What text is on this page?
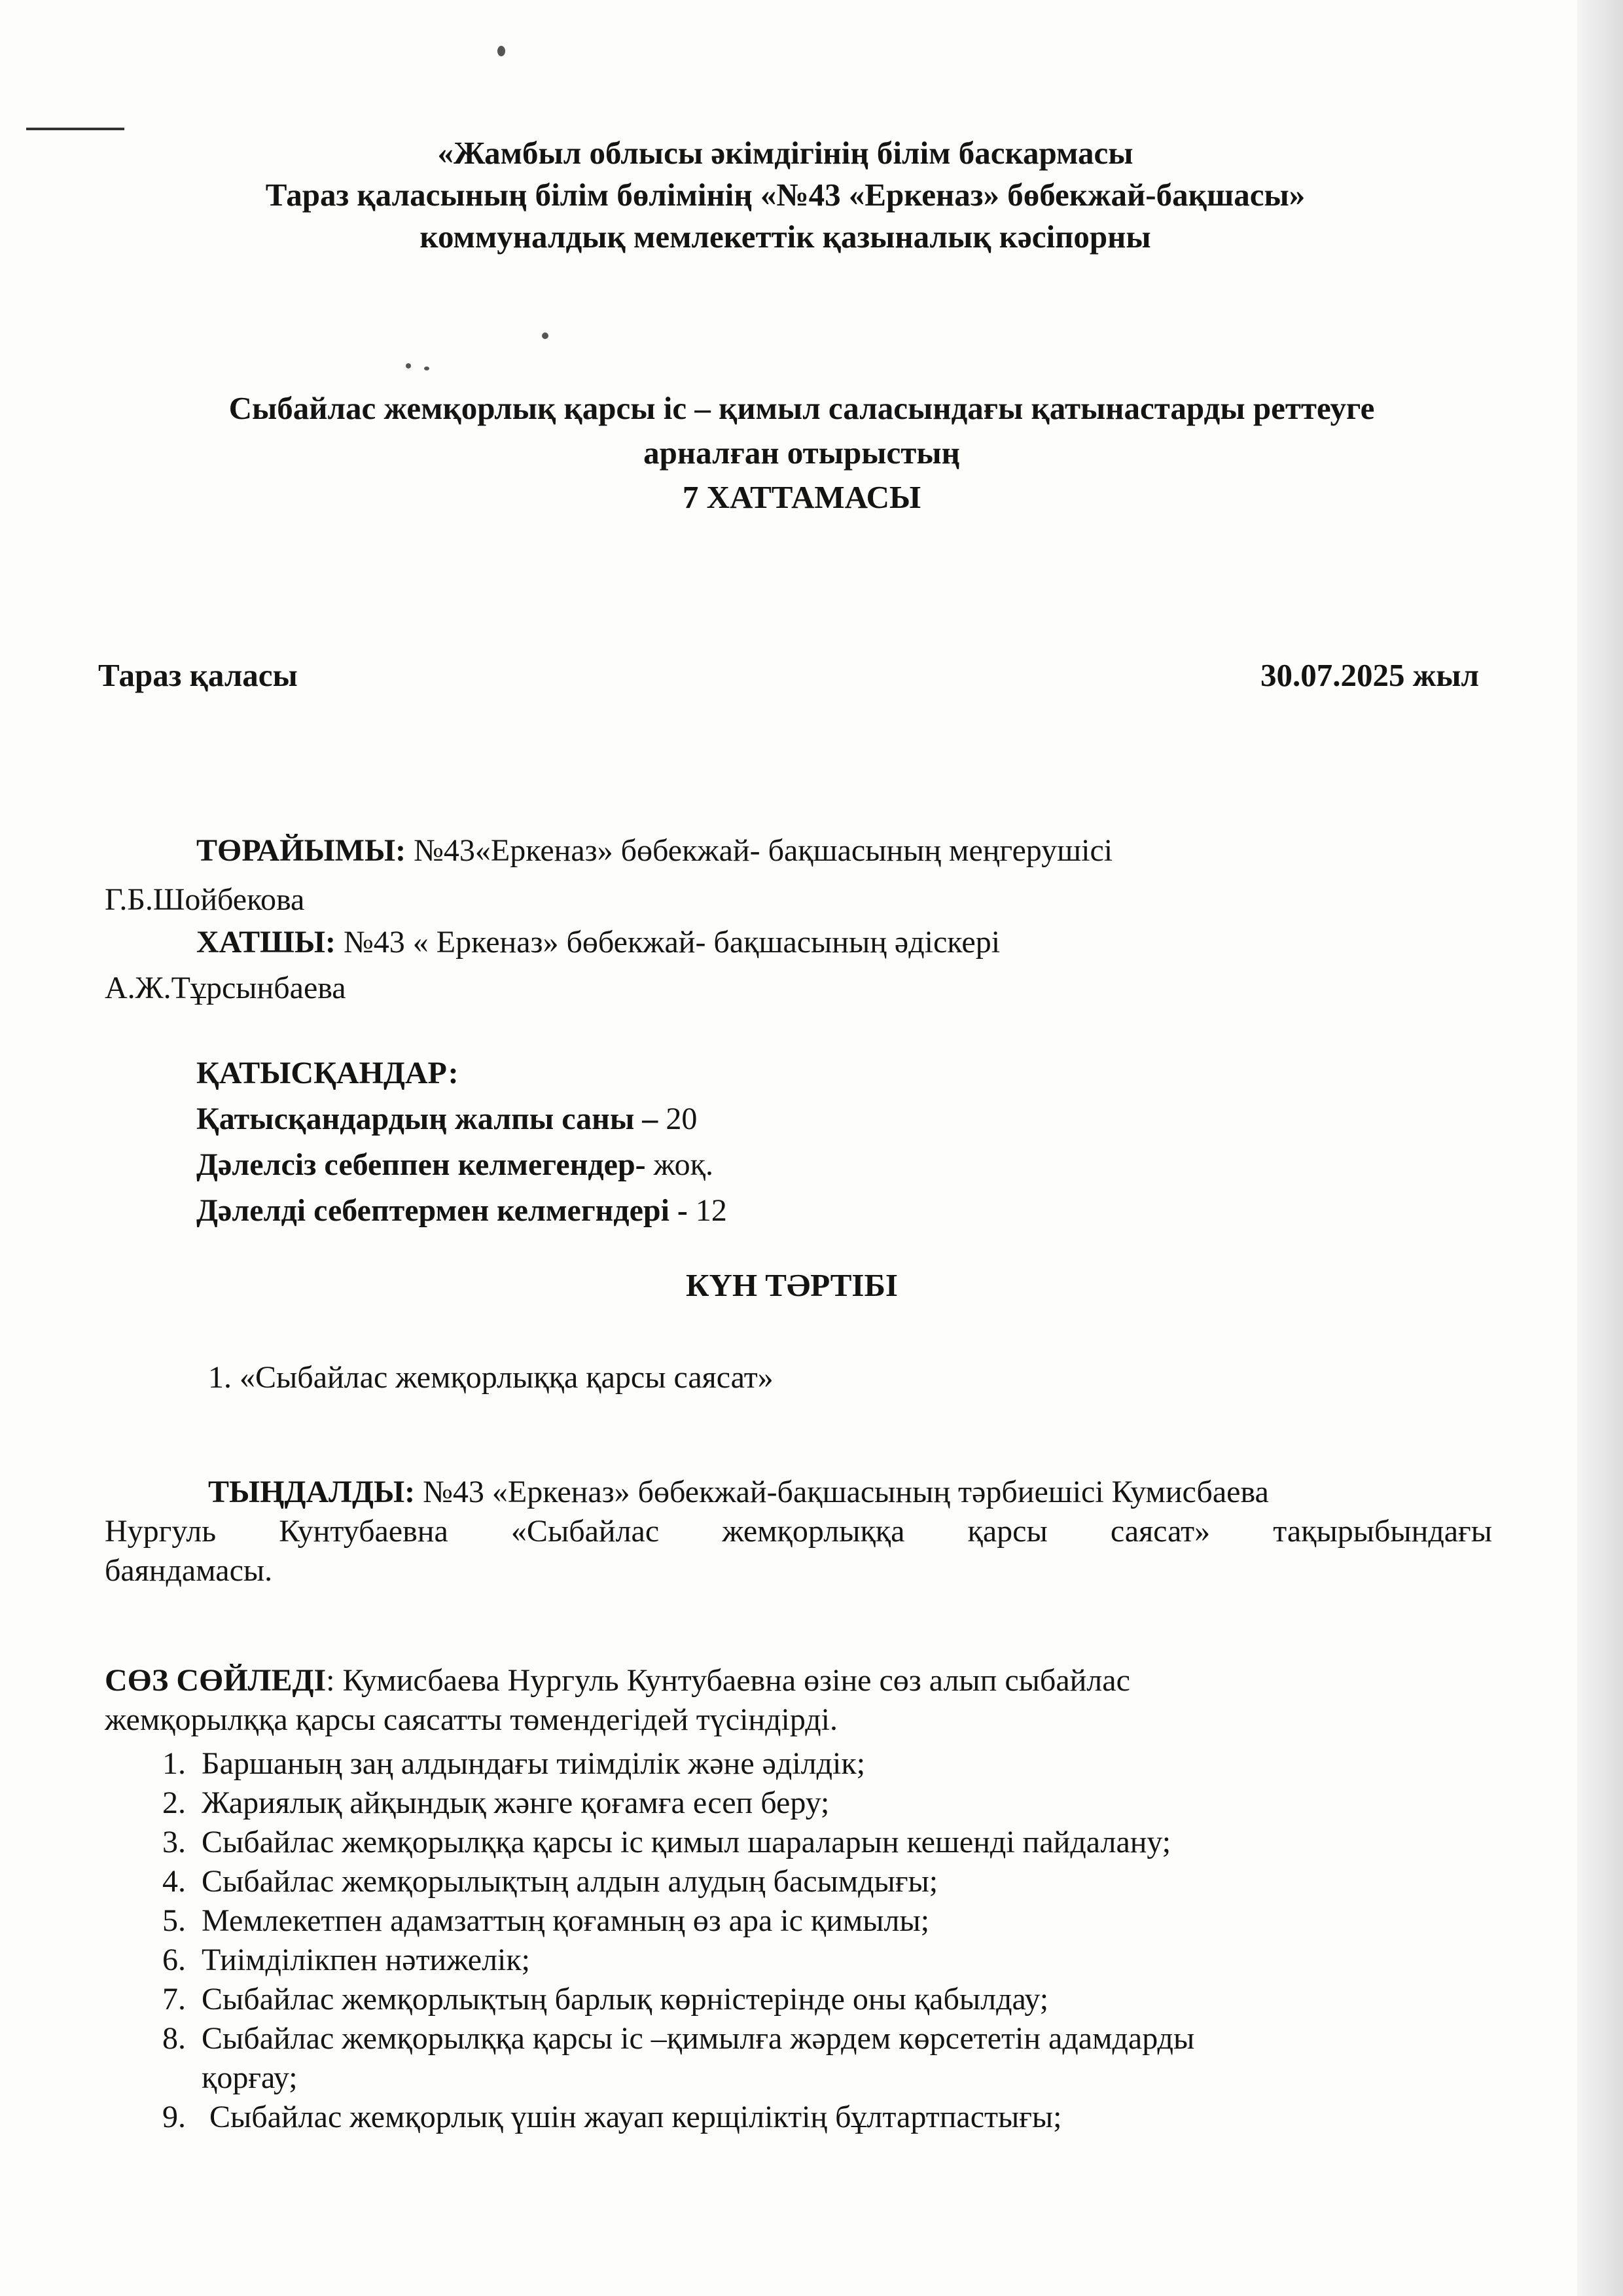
«Жамбыл облысы әкімдігінің білім баскармасы
Тараз қаласының білім бөлімінің «№43 «Еркеназ» бөбекжай-бақшасы»
коммуналдық мемлекеттік қазыналық кәсіпорны
Сыбайлас жемқорлық қарсы іс – қимыл саласындағы қатынастарды реттеуге
арналған отырыстың
7 ХАТТАМАСЫ
Тараз қаласы	30.07.2025 жыл
ТӨРАЙЫМЫ: №43«Еркеназ» бөбекжай- бақшасының меңгерушісі
Г.Б.Шойбекова
ХАТШЫ: №43 « Еркеназ» бөбекжай- бақшасының әдіскері
А.Ж.Тұрсынбаева
ҚАТЫСҚАНДАР:
Қатысқандардың жалпы саны – 20
Дәлелсіз себеппен келмегендер- жоқ.
Дәлелді себептермен келмегндері - 12
КҮН ТӘРТІБІ
1. «Сыбайлас жемқорлыққа қарсы саясат»
ТЫҢДАЛДЫ: №43 «Еркеназ» бөбекжай-бақшасының тәрбиешісі Кумисбаева
Нургуль Кунтубаевна «Сыбайлас жемқорлыққа қарсы саясат» тақырыбындағы
баяндамасы.
СӨЗ СӨЙЛЕДІ: Кумисбаева Нургуль Кунтубаевна өзіне сөз алып сыбайлас
жемқорылққа қарсы саясатты төмендегідей түсіндірді.
1. Баршаның заң алдындағы тиімділік және әділдік;
2. Жариялық айқындық жәнге қоғамға есеп беру;
3. Сыбайлас жемқорылққа қарсы іс қимыл шараларын кешенді пайдалану;
4. Сыбайлас жемқорылықтың алдын алудың басымдығы;
5. Мемлекетпен адамзаттың қоғамның өз ара іс қимылы;
6. Тиімділікпен нәтижелік;
7. Сыбайлас жемқорлықтың барлық көрністерінде оны қабылдау;
8. Сыбайлас жемқорылққа қарсы іс –қимылға жәрдем көрсететін адамдарды
қорғау;
9. Сыбайлас жемқорлық үшін жауап керщіліктің бұлтартпастығы;
